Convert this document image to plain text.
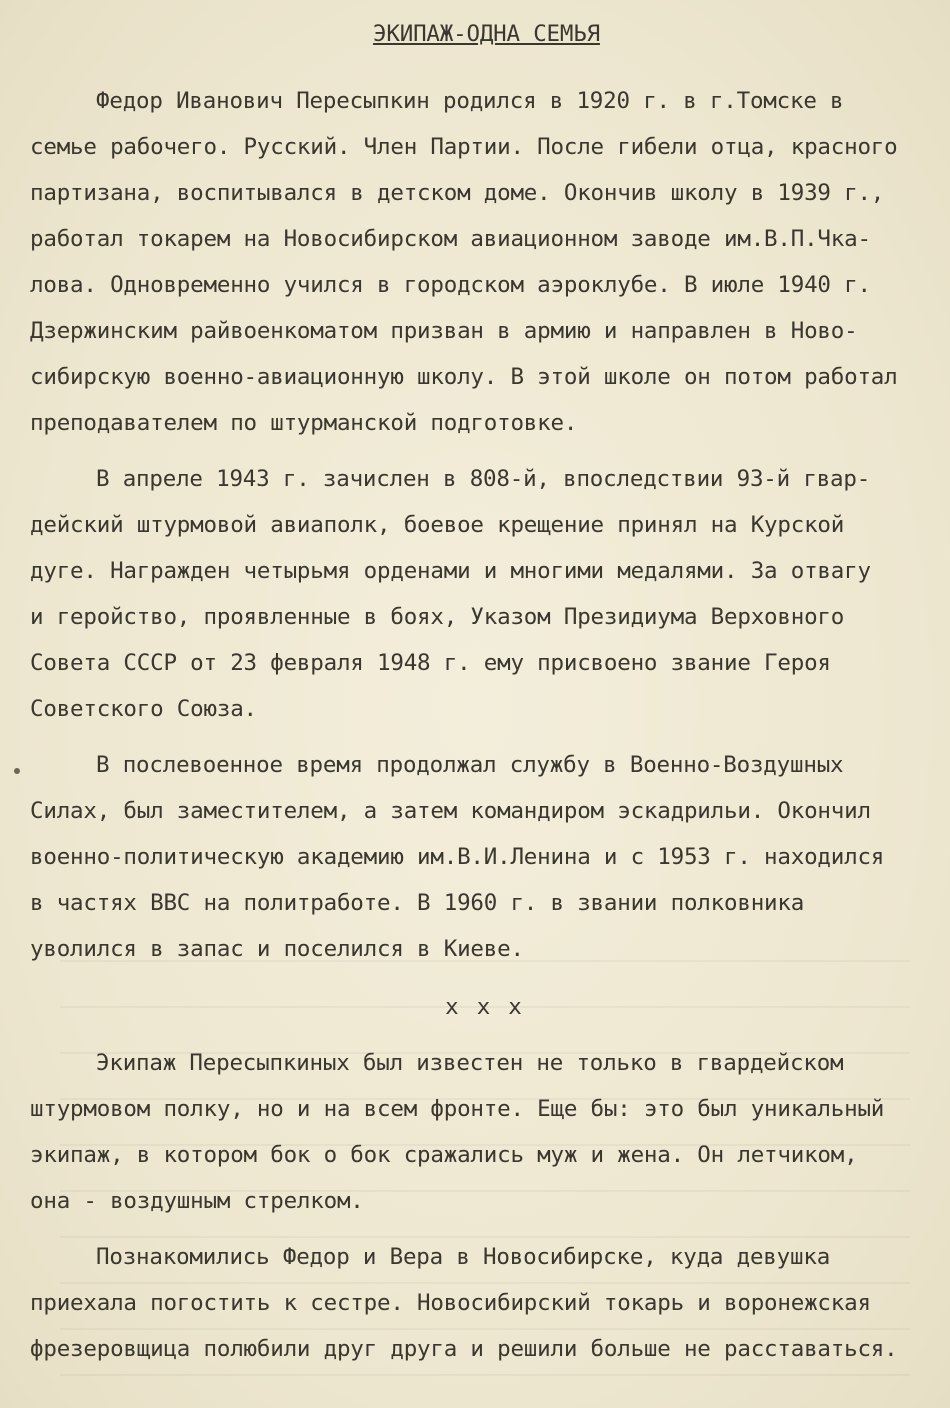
ЭКИПАЖ-ОДНА СЕМЬЯ
Федор Иванович Пересыпкин родился в 1920 г. в г.Томске в
семье рабочего. Русский. Член Партии. После гибели отца, красного
партизана, воспитывался в детском доме. Окончив школу в 1939 г.,
работал токарем на Новосибирском авиационном заводе им.В.П.Чка-
лова. Одновременно учился в городском аэроклубе. В июле 1940 г.
Дзержинским райвоенкоматом призван в армию и направлен в Ново-
сибирскую военно-авиационную школу. В этой школе он потом работал
преподавателем по штурманской подготовке.
В апреле 1943 г. зачислен в 808-й, впоследствии 93-й гвар-
дейский штурмовой авиаполк, боевое крещение принял на Курской
дуге. Награжден четырьмя орденами и многими медалями. За отвагу
и геройство, проявленные в боях, Указом Президиума Верховного
Совета СССР от 23 февраля 1948 г. ему присвоено звание Героя
Советского Союза.
В послевоенное время продолжал службу в Военно-Воздушных
Силах, был заместителем, а затем командиром эскадрильи. Окончил
военно-политическую академию им.В.И.Ленина и с 1953 г. находился
в частях ВВС на политработе. В 1960 г. в звании полковника
уволился в запас и поселился в Киеве.
ххх
Экипаж Пересыпкиных был известен не только в гвардейском
штурмовом полку, но и на всем фронте. Еще бы: это был уникальный
экипаж, в котором бок о бок сражались муж и жена. Он летчиком,
она - воздушным стрелком.
Познакомились Федор и Вера в Новосибирске, куда девушка
приехала погостить к сестре. Новосибирский токарь и воронежская
фрезеровщица полюбили друг друга и решили больше не расставаться.
